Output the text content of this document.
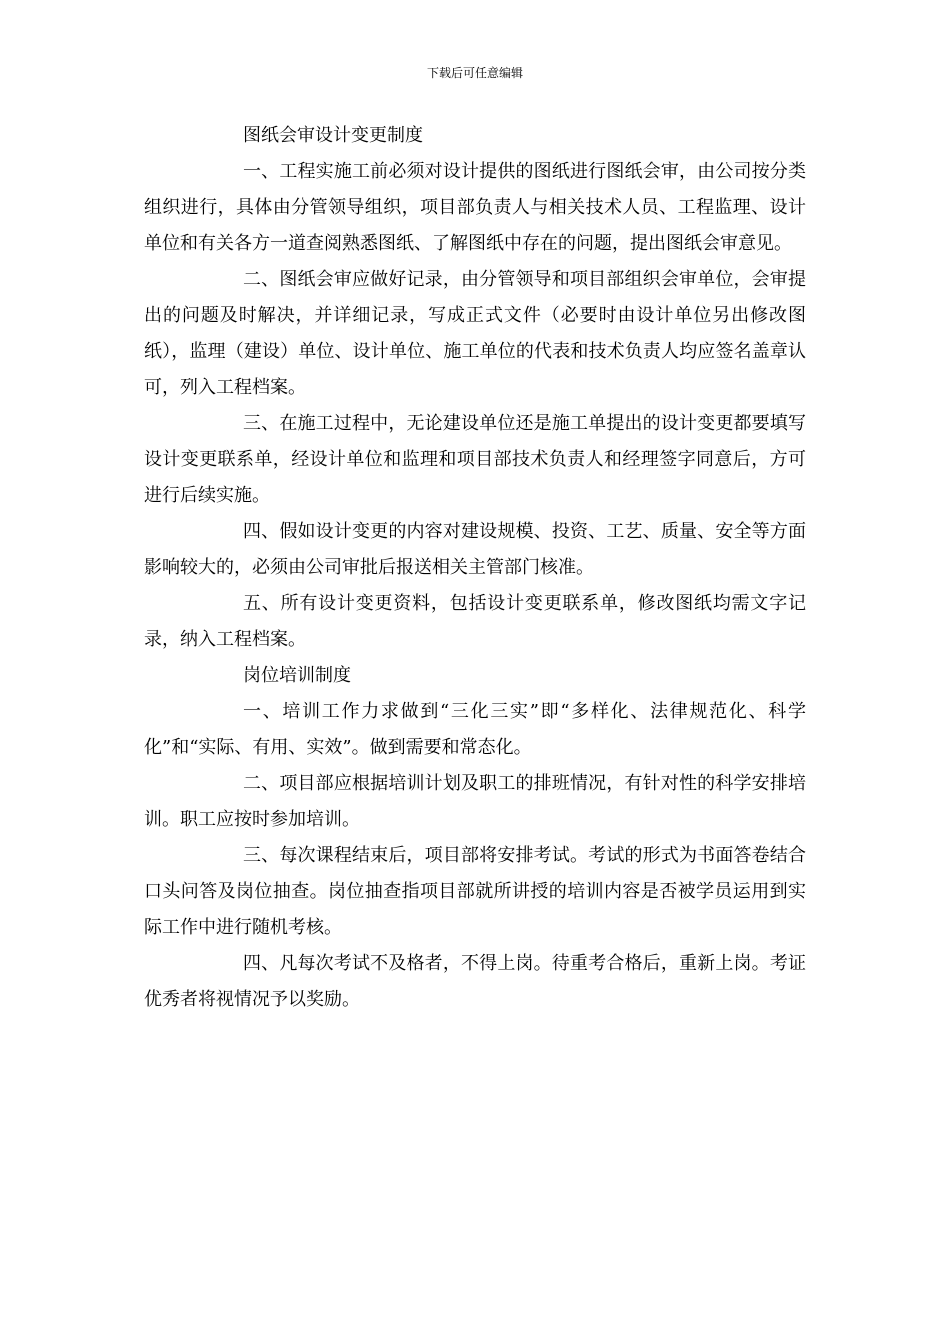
下载后可任意编辑

图纸会审设计变更制度

一、工程实施工前必须对设计提供的图纸进行图纸会审，由公司按分类组织进行，具体由分管领导组织，项目部负责人与相关技术人员、工程监理、设计单位和有关各方一道查阅熟悉图纸、了解图纸中存在的问题，提出图纸会审意见。

二、图纸会审应做好记录，由分管领导和项目部组织会审单位，会审提出的问题及时解决，并详细记录，写成正式文件（必要时由设计单位另出修改图纸），监理（建设）单位、设计单位、施工单位的代表和技术负责人均应签名盖章认可，列入工程档案。

三、在施工过程中，无论建设单位还是施工单提出的设计变更都要填写设计变更联系单，经设计单位和监理和项目部技术负责人和经理签字同意后，方可进行后续实施。

四、假如设计变更的内容对建设规模、投资、工艺、质量、安全等方面影响较大的，必须由公司审批后报送相关主管部门核准。

五、所有设计变更资料，包括设计变更联系单，修改图纸均需文字记录，纳入工程档案。

岗位培训制度

一、培训工作力求做到“三化三实”即“多样化、法律规范化、科学化”和“实际、有用、实效”。做到需要和常态化。

二、项目部应根据培训计划及职工的排班情况，有针对性的科学安排培训。职工应按时参加培训。

三、每次课程结束后，项目部将安排考试。考试的形式为书面答卷结合口头问答及岗位抽查。岗位抽查指项目部就所讲授的培训内容是否被学员运用到实际工作中进行随机考核。

四、凡每次考试不及格者，不得上岗。待重考合格后，重新上岗。考证优秀者将视情况予以奖励。
